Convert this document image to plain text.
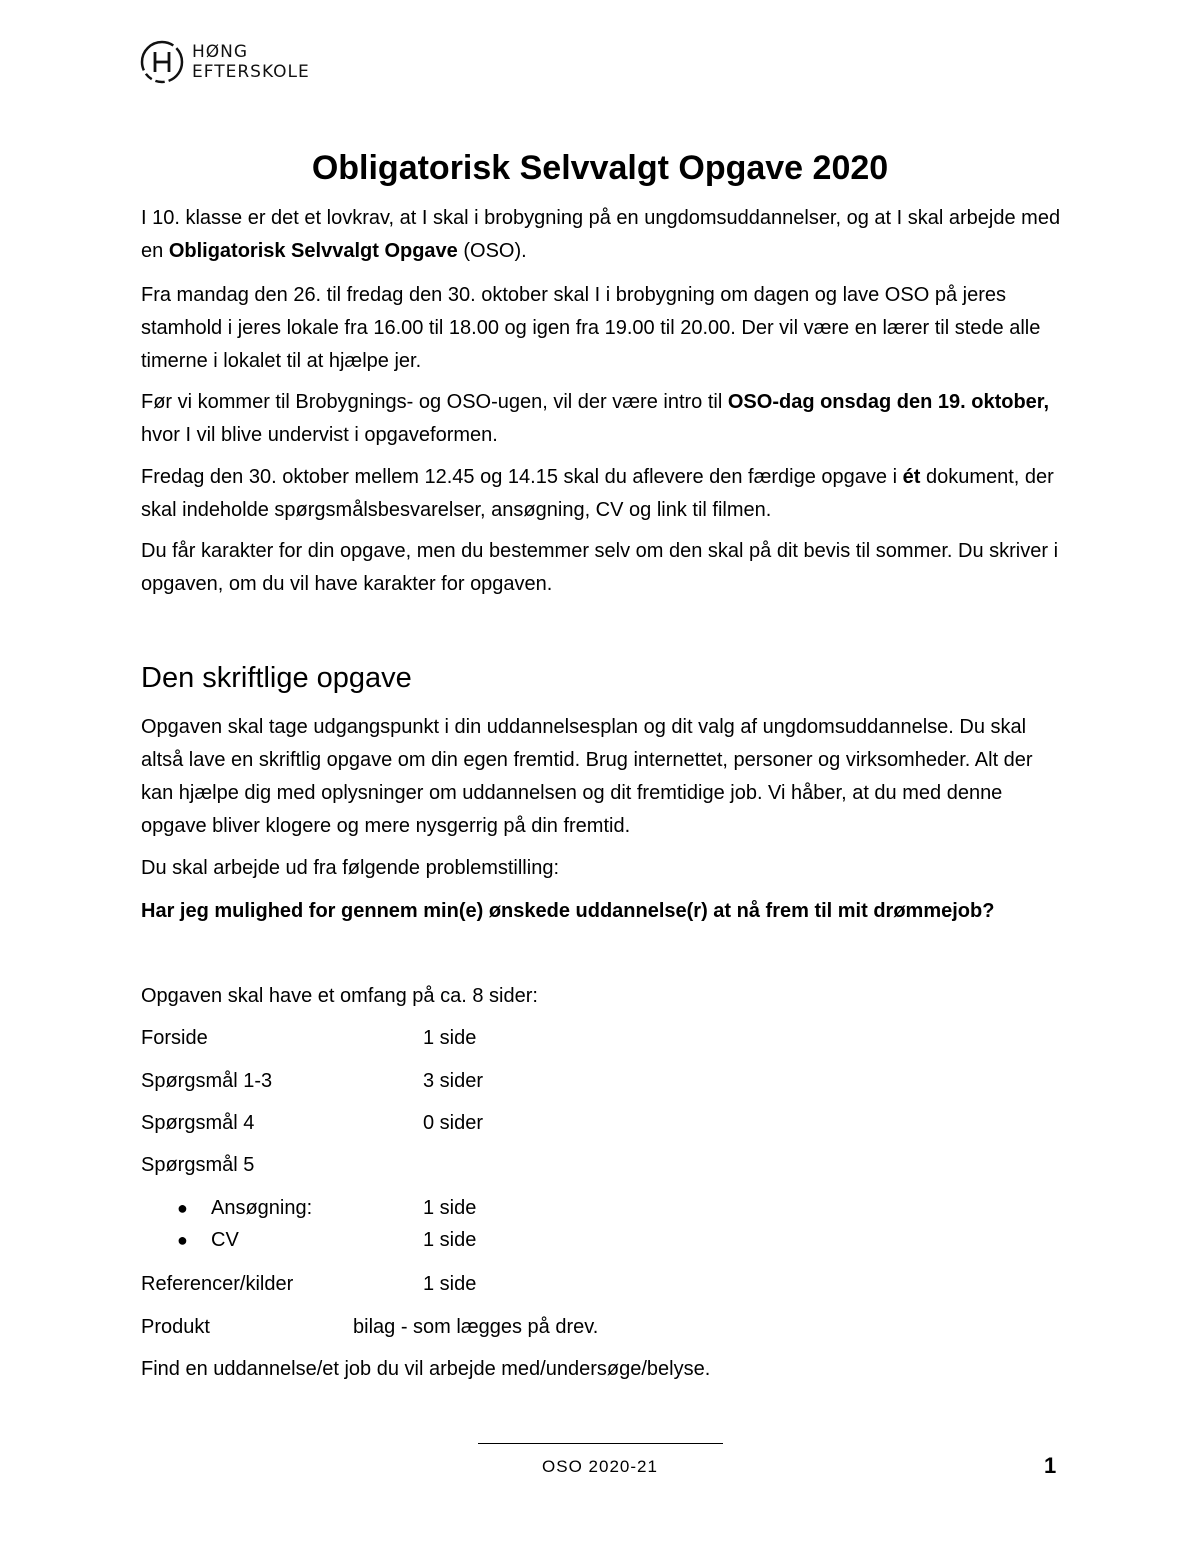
HØNG
EFTERSKOLE
Obligatorisk Selvvalgt Opgave 2020

I 10. klasse er det et lovkrav, at I skal i brobygning på en ungdomsuddannelser, og at I skal arbejde med en Obligatorisk Selvvalgt Opgave (OSO).

Fra mandag den 26. til fredag den 30. oktober skal I i brobygning om dagen og lave OSO på jeres stamhold i jeres lokale fra 16.00 til 18.00 og igen fra 19.00 til 20.00. Der vil være en lærer til stede alle timerne i lokalet til at hjælpe jer.

Før vi kommer til Brobygnings- og OSO-ugen, vil der være intro til OSO-dag onsdag den 19. oktober, hvor I vil blive undervist i opgaveformen.

Fredag den 30. oktober mellem 12.45 og 14.15 skal du aflevere den færdige opgave i ét dokument, der skal indeholde spørgsmålsbesvarelser, ansøgning, CV og link til filmen.

Du får karakter for din opgave, men du bestemmer selv om den skal på dit bevis til sommer. Du skriver i opgaven, om du vil have karakter for opgaven.

Den skriftlige opgave

Opgaven skal tage udgangspunkt i din uddannelsesplan og dit valg af ungdomsuddannelse. Du skal altså lave en skriftlig opgave om din egen fremtid. Brug internettet, personer og virksomheder. Alt der kan hjælpe dig med oplysninger om uddannelsen og dit fremtidige job. Vi håber, at du med denne opgave bliver klogere og mere nysgerrig på din fremtid.

Du skal arbejde ud fra følgende problemstilling:

Har jeg mulighed for gennem min(e) ønskede uddannelse(r) at nå frem til mit drømmejob?

Opgaven skal have et omfang på ca. 8 sider:

Forside	1 side
Spørgsmål 1-3	3 sider
Spørgsmål 4	0 sider
Spørgsmål 5
● Ansøgning:	1 side
● CV	1 side
Referencer/kilder	1 side
Produkt	bilag - som lægges på drev.

Find en uddannelse/et job du vil arbejde med/undersøge/belyse.

OSO 2020-21	1
